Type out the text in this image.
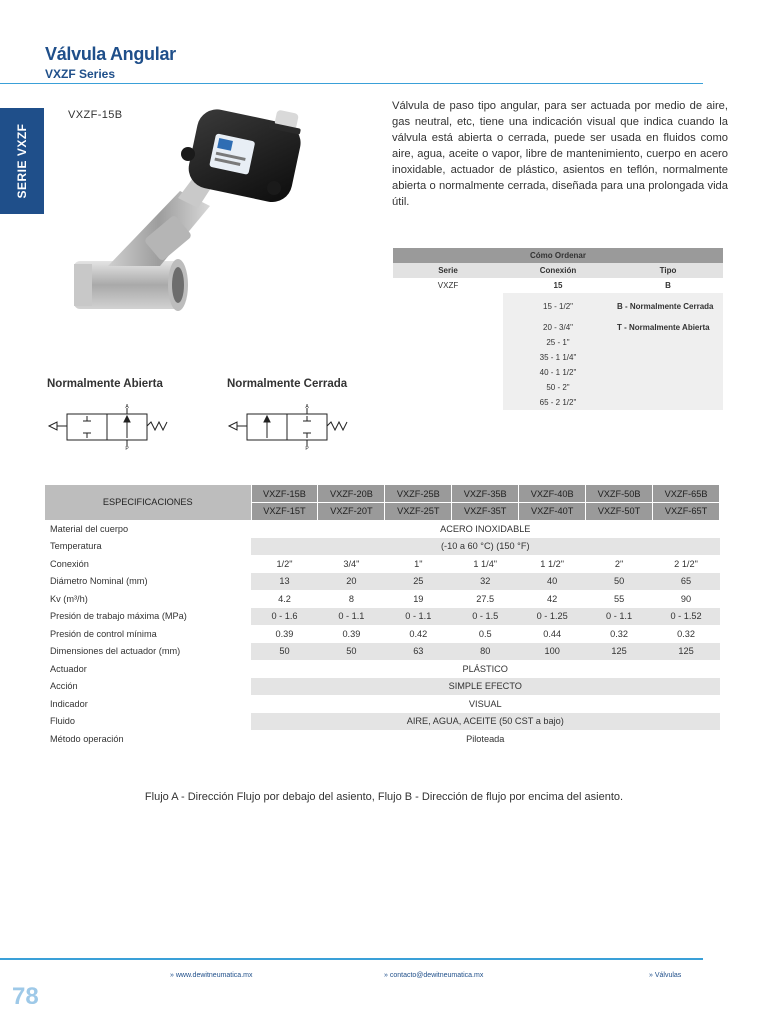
Válvula Angular
VXZF Series
SERIE VXZF
VXZF-15B
Válvula de paso tipo angular, para ser actuada por medio de aire, gas neutral, etc, tiene una indicación visual que indica cuando la válvula está abierta o cerrada, puede ser usada en fluidos como aire, agua, aceite o vapor, libre de mantenimiento, cuerpo en acero inoxidable, actuador de plástico, asientos en teflón, normalmente abierta o normalmente cerrada, diseñada para una prolongada vida útil.
Cómo Ordenar		
Serie	Conexión	Tipo
VXZF	15	B
	15 - 1/2"	B - Normalmente Cerrada
	20 - 3/4"	T - Normalmente Abierta
	25 - 1"	
	35 - 1 1/4"	
	40 - 1 1/2"	
	50 - 2"	
	65 - 2 1/2"	
Normalmente Abierta	Normalmente Cerrada
A
P
A
P
ESPECIFICACIONES	VXZF-15B	VXZF-20B	VXZF-25B	VXZF-35B	VXZF-40B	VXZF-50B	VXZF-65B
	VXZF-15T	VXZF-20T	VXZF-25T	VXZF-35T	VXZF-40T	VXZF-50T	VXZF-65T
Material del cuerpo	ACERO INOXIDABLE						
Temperatura	(-10 a 60 °C) (150 °F)						
Conexión	1/2"	3/4"	1"	1 1/4"	1 1/2"	2"	2 1/2"
Diámetro Nominal (mm)	13	20	25	32	40	50	65
Kv (m³/h)	4.2	8	19	27.5	42	55	90
Presión de trabajo máxima (MPa)	0 - 1.6	0 - 1.1	0 - 1.1	0 - 1.5	0 - 1.25	0 - 1.1	0 - 1.52
Presión de control mínima	0.39	0.39	0.42	0.5	0.44	0.32	0.32
Dimensiones del actuador (mm)	50	50	63	80	100	125	125
Actuador	PLÁSTICO						
Acción	SIMPLE EFECTO						
Indicador	VISUAL						
Fluido	AIRE, AGUA, ACEITE (50 CST a bajo)						
Método operación	Piloteada						
Flujo A - Dirección Flujo por debajo del asiento, Flujo B - Dirección de flujo por encima del asiento.
» www.dewitneumatica.mx	» contacto@dewitneumatica.mx	» Válvulas
78
